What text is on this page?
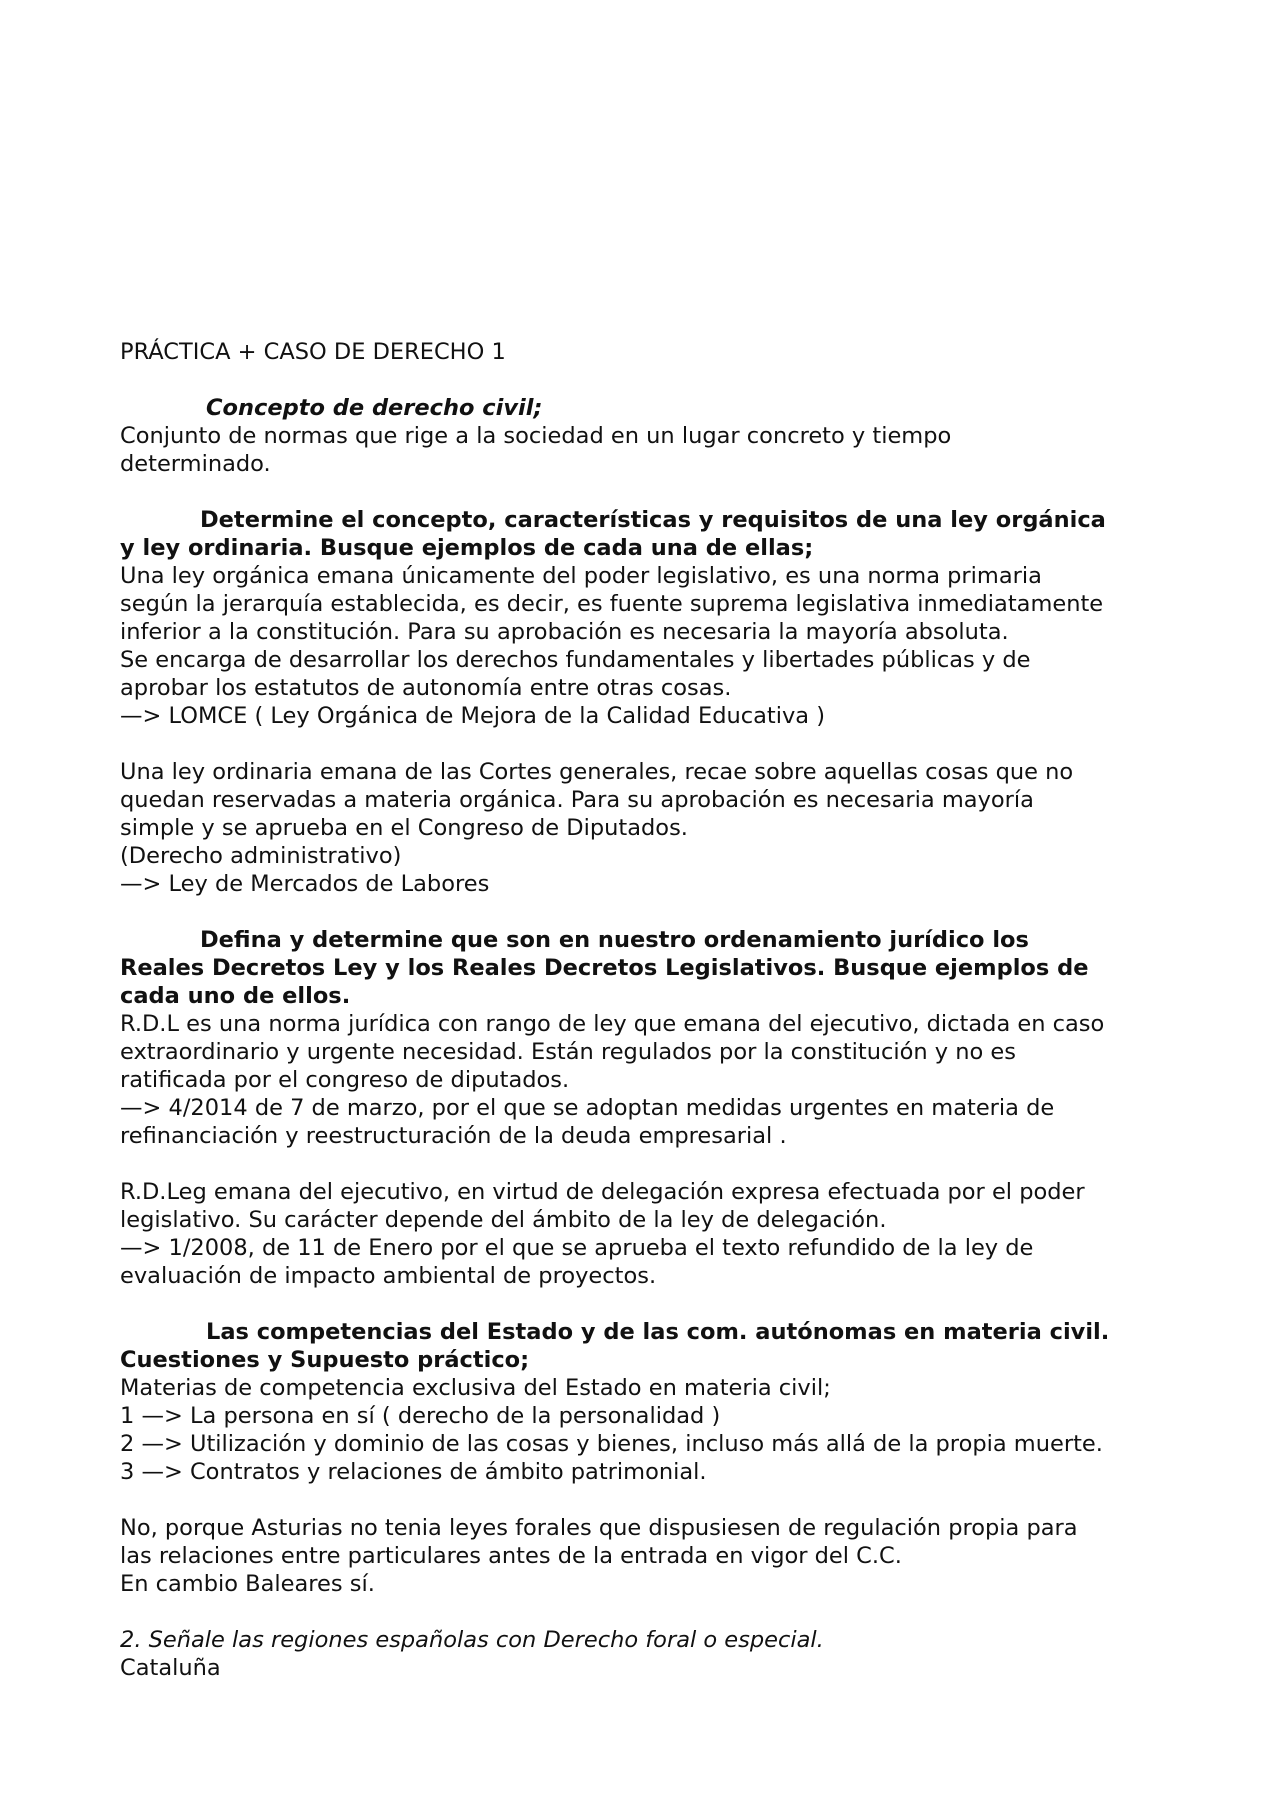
PRÁCTICA + CASO DE DERECHO 1
Concepto de derecho civil;
Conjunto de normas que rige a la sociedad en un lugar concreto y tiempo
determinado.
Determine el concepto, características y requisitos de una ley orgánica
y ley ordinaria. Busque ejemplos de cada una de ellas;
Una ley orgánica emana únicamente del poder legislativo, es una norma primaria
según la jerarquía establecida, es decir, es fuente suprema legislativa inmediatamente
inferior a la constitución. Para su aprobación es necesaria la mayoría absoluta.
Se encarga de desarrollar los derechos fundamentales y libertades públicas y de
aprobar los estatutos de autonomía entre otras cosas.
—> LOMCE ( Ley Orgánica de Mejora de la Calidad Educativa )
Una ley ordinaria emana de las Cortes generales, recae sobre aquellas cosas que no
quedan reservadas a materia orgánica. Para su aprobación es necesaria mayoría
simple y se aprueba en el Congreso de Diputados.
(Derecho administrativo)
—> Ley de Mercados de Labores
Defina y determine que son en nuestro ordenamiento jurídico los
Reales Decretos Ley y los Reales Decretos Legislativos. Busque ejemplos de
cada uno de ellos.
R.D.L es una norma jurídica con rango de ley que emana del ejecutivo, dictada en caso
extraordinario y urgente necesidad. Están regulados por la constitución y no es
ratificada por el congreso de diputados.
—> 4/2014 de 7 de marzo, por el que se adoptan medidas urgentes en materia de
refinanciación y reestructuración de la deuda empresarial .
R.D.Leg emana del ejecutivo, en virtud de delegación expresa efectuada por el poder
legislativo. Su carácter depende del ámbito de la ley de delegación.
—> 1/2008, de 11 de Enero por el que se aprueba el texto refundido de la ley de
evaluación de impacto ambiental de proyectos.
Las competencias del Estado y de las com. autónomas en materia civil.
Cuestiones y Supuesto práctico;
Materias de competencia exclusiva del Estado en materia civil;
1 —> La persona en sí ( derecho de la personalidad )
2 —> Utilización y dominio de las cosas y bienes, incluso más allá de la propia muerte.
3 —> Contratos y relaciones de ámbito patrimonial.
No, porque Asturias no tenia leyes forales que dispusiesen de regulación propia para
las relaciones entre particulares antes de la entrada en vigor del C.C.
En cambio Baleares sí.
2. Señale las regiones españolas con Derecho foral o especial.
Cataluña
